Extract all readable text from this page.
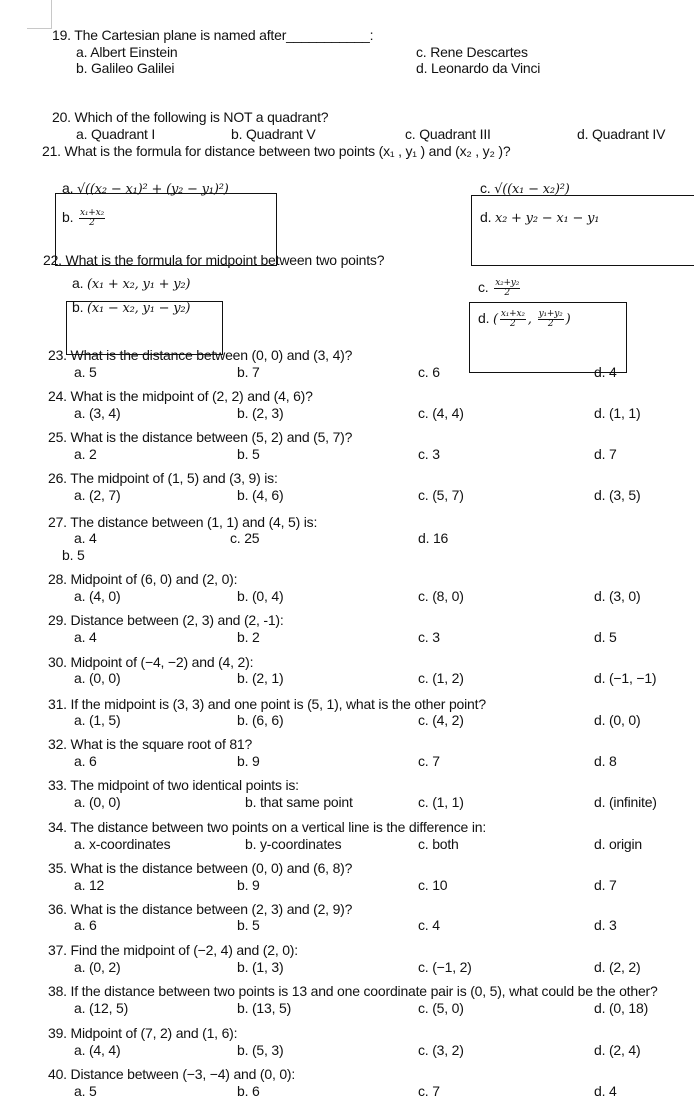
19. The Cartesian plane is named after___________:
a. Albert Einstein
b. Galileo Galilei
c. Rene Descartes
d. Leonardo da Vinci
20. Which of the following is NOT a quadrant?
a. Quadrant I	b. Quadrant V	c. Quadrant III	d. Quadrant IV
21. What is the formula for distance between two points (x₁ , y₁ ) and (x₂ , y₂ )?
a. √((x₂ − x₁)² + (y₂ − y₁)²)
b. $\frac{\text{x₁+x₂}}{2}$
c. √((x₁ − x₂)²)
d. x₂ + y₂ − x₁ − y₁
22. What is the formula for midpoint between two points?
a. (x₁ + x₂, y₁ + y₂)
b. (x₁ − x₂, y₁ − y₂)
c. $\frac{\text{x₂+y₂}}{2}$
d. ( $\frac{\text{x₁+x₂}}{2}$ , $\frac{\text{y₁+y₂}}{2}$ )
23. What is the distance between (0, 0) and (3, 4)?
a. 5	b. 7	c. 6	d. 4
24. What is the midpoint of (2, 2) and (4, 6)?
a. (3, 4)	b. (2, 3)	c. (4, 4)	d. (1, 1)
25. What is the distance between (5, 2) and (5, 7)?
a. 2	b. 5	c. 3	d. 7
26. The midpoint of (1, 5) and (3, 9) is:
a. (2, 7)	b. (4, 6)	c. (5, 7)	d. (3, 5)
27. The distance between (1, 1) and (4, 5) is:
a. 4
b. 5
c. 25	d. 16
28. Midpoint of (6, 0) and (2, 0):
a. (4, 0)	b. (0, 4)	c. (8, 0)	d. (3, 0)
29. Distance between (2, 3) and (2, -1):
a. 4	b. 2	c. 3	d. 5
30. Midpoint of (−4, −2) and (4, 2):
a. (0, 0)	b. (2, 1)	c. (1, 2)	d. (−1, −1)
31. If the midpoint is (3, 3) and one point is (5, 1), what is the other point?
a. (1, 5)	b. (6, 6)	c. (4, 2)	d. (0, 0)
32. What is the square root of 81?
a. 6	b. 9	c. 7	d. 8
33. The midpoint of two identical points is:
a. (0, 0)	b. that same point	c. (1, 1)	d. (infinite)
34. The distance between two points on a vertical line is the difference in:
a. x-coordinates	b. y-coordinates	c. both	d. origin
35. What is the distance between (0, 0) and (6, 8)?
a. 12	b. 9	c. 10	d. 7
36. What is the distance between (2, 3) and (2, 9)?
a. 6	b. 5	c. 4	d. 3
37. Find the midpoint of (−2, 4) and (2, 0):
a. (0, 2)	b. (1, 3)	c. (−1, 2)	d. (2, 2)
38. If the distance between two points is 13 and one coordinate pair is (0, 5), what could be the other?
a. (12, 5)	b. (13, 5)	c. (5, 0)	d. (0, 18)
39. Midpoint of (7, 2) and (1, 6):
a. (4, 4)	b. (5, 3)	c. (3, 2)	d. (2, 4)
40. Distance between (−3, −4) and (0, 0):
a. 5	b. 6	c. 7	d. 4
